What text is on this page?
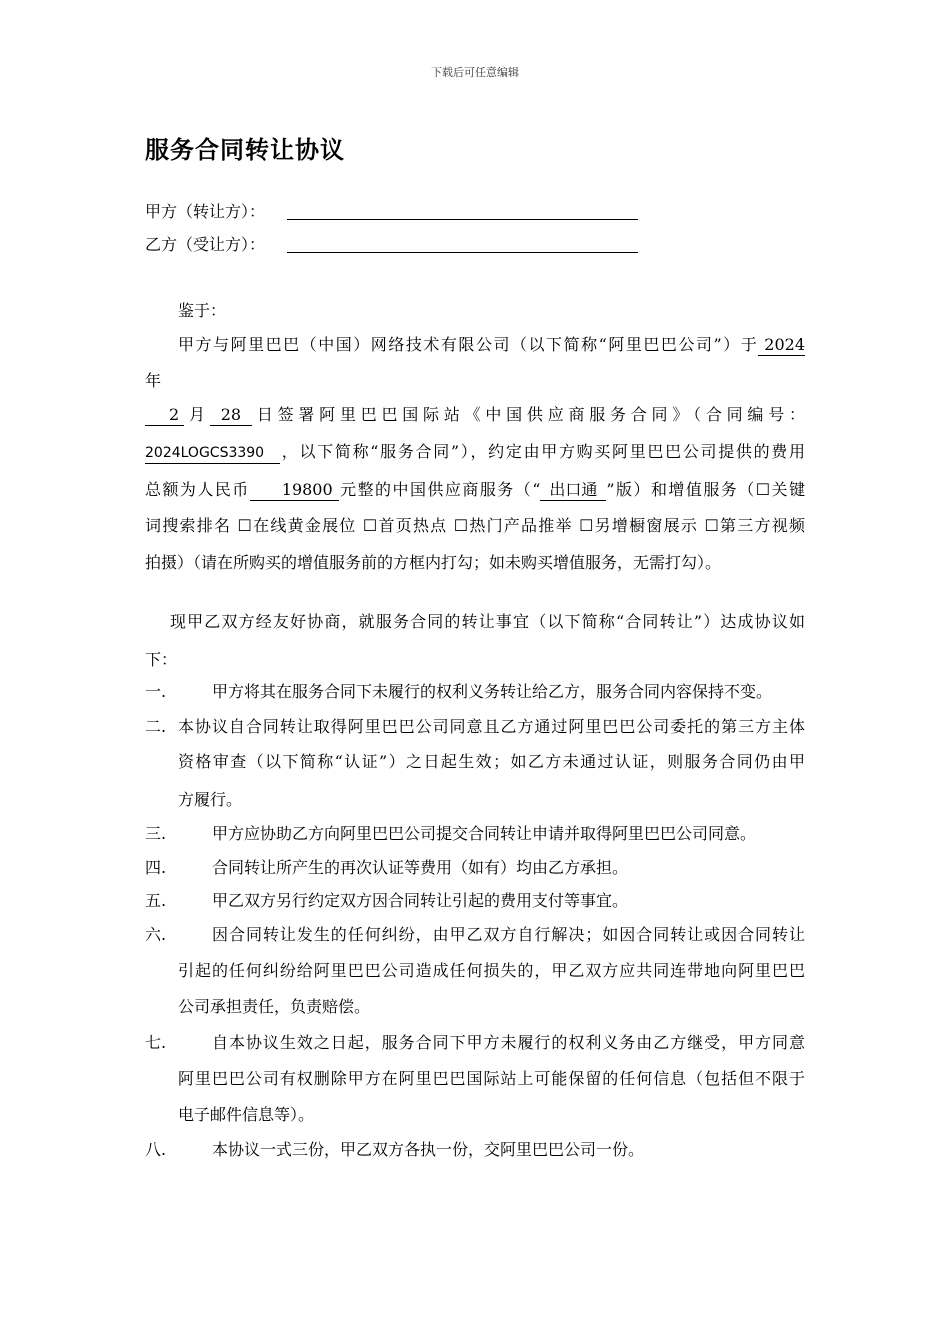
下载后可任意编辑
服务合同转让协议
甲方（转让方）：
乙方（受让方）：
鉴于：
甲方与阿里巴巴（中国）网络技术有限公司（以下简称“阿里巴巴公司”）于 2024
年
2 月 28 日签署阿里巴巴国际站《中国供应商服务合同》（合同编号：
2024LOGCS3390 ，以下简称“服务合同”），约定由甲方购买阿里巴巴公司提供的费用
总额为人民币 19800 元整的中国供应商服务（“ 出口通 ”版）和增值服务（☐关键
词搜索排名 ☐在线黄金展位 ☐首页热点 ☐热门产品推举 ☐另增橱窗展示 ☐第三方视频
拍摄）（请在所购买的增值服务前的方框内打勾；如未购买增值服务，无需打勾）。
现甲乙双方经友好协商，就服务合同的转让事宜（以下简称“合同转让”）达成协议如
下：
一.	甲方将其在服务合同下未履行的权利义务转让给乙方，服务合同内容保持不变。
二. 本协议自合同转让取得阿里巴巴公司同意且乙方通过阿里巴巴公司委托的第三方主体
资格审查（以下简称“认证”）之日起生效；如乙方未通过认证，则服务合同仍由甲
方履行。
三.	甲方应协助乙方向阿里巴巴公司提交合同转让申请并取得阿里巴巴公司同意。
四.	合同转让所产生的再次认证等费用（如有）均由乙方承担。
五.	甲乙双方另行约定双方因合同转让引起的费用支付等事宜。
六.	因合同转让发生的任何纠纷，由甲乙双方自行解决；如因合同转让或因合同转让
引起的任何纠纷给阿里巴巴公司造成任何损失的，甲乙双方应共同连带地向阿里巴巴
公司承担责任，负责赔偿。
七.	自本协议生效之日起，服务合同下甲方未履行的权利义务由乙方继受，甲方同意
阿里巴巴公司有权删除甲方在阿里巴巴国际站上可能保留的任何信息（包括但不限于
电子邮件信息等）。
八.	本协议一式三份，甲乙双方各执一份，交阿里巴巴公司一份。
